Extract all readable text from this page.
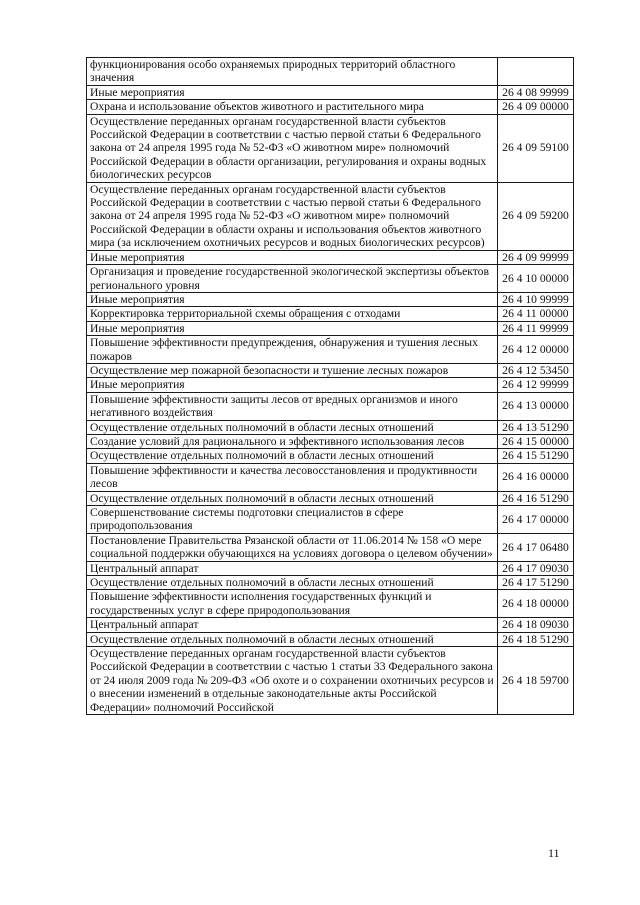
функционирования особо охраняемых природных территорий областного значения	
Иные мероприятия	26 4 08 99999
Охрана и использование объектов животного и растительного мира	26 4 09 00000
Осуществление переданных органам государственной власти субъектов Российской Федерации в соответствии с частью первой статьи 6 Федерального закона от 24 апреля 1995 года № 52-ФЗ «О животном мире» полномочий Российской Федерации в области организации, регулирования и охраны водных биологических ресурсов	26 4 09 59100
Осуществление переданных органам государственной власти субъектов Российской Федерации в соответствии с частью первой статьи 6 Федерального закона от 24 апреля 1995 года № 52-ФЗ «О животном мире» полномочий Российской Федерации в области охраны и использования объектов животного мира (за исключением охотничьих ресурсов и водных биологических ресурсов)	26 4 09 59200
Иные мероприятия	26 4 09 99999
Организация и проведение государственной экологической экспертизы объектов регионального уровня	26 4 10 00000
Иные мероприятия	26 4 10 99999
Корректировка территориальной схемы обращения с отходами	26 4 11 00000
Иные мероприятия	26 4 11 99999
Повышение эффективности предупреждения, обнаружения и тушения лесных пожаров	26 4 12 00000
Осуществление мер пожарной безопасности и тушение лесных пожаров	26 4 12 53450
Иные мероприятия	26 4 12 99999
Повышение эффективности защиты лесов от вредных организмов и иного негативного воздействия	26 4 13 00000
Осуществление отдельных полномочий в области лесных отношений	26 4 13 51290
Создание условий для рационального и эффективного использования лесов	26 4 15 00000
Осуществление отдельных полномочий в области лесных отношений	26 4 15 51290
Повышение эффективности и качества лесовосстановления и продуктивности лесов	26 4 16 00000
Осуществление отдельных полномочий в области лесных отношений	26 4 16 51290
Совершенствование системы подготовки специалистов в сфере природопользования	26 4 17 00000
Постановление Правительства Рязанской области от 11.06.2014 № 158 «О мере социальной поддержки обучающихся на условиях договора о целевом обучении»	26 4 17 06480
Центральный аппарат	26 4 17 09030
Осуществление отдельных полномочий в области лесных отношений	26 4 17 51290
Повышение эффективности исполнения государственных функций и государственных услуг в сфере природопользования	26 4 18 00000
Центральный аппарат	26 4 18 09030
Осуществление отдельных полномочий в области лесных отношений	26 4 18 51290
Осуществление переданных органам государственной власти субъектов Российской Федерации в соответствии с частью 1 статьи 33 Федерального закона от 24 июля 2009 года № 209-ФЗ «Об охоте и о сохранении охотничьих ресурсов и о внесении изменений в отдельные законодательные акты Российской Федерации» полномочий Российской	26 4 18 59700
11
